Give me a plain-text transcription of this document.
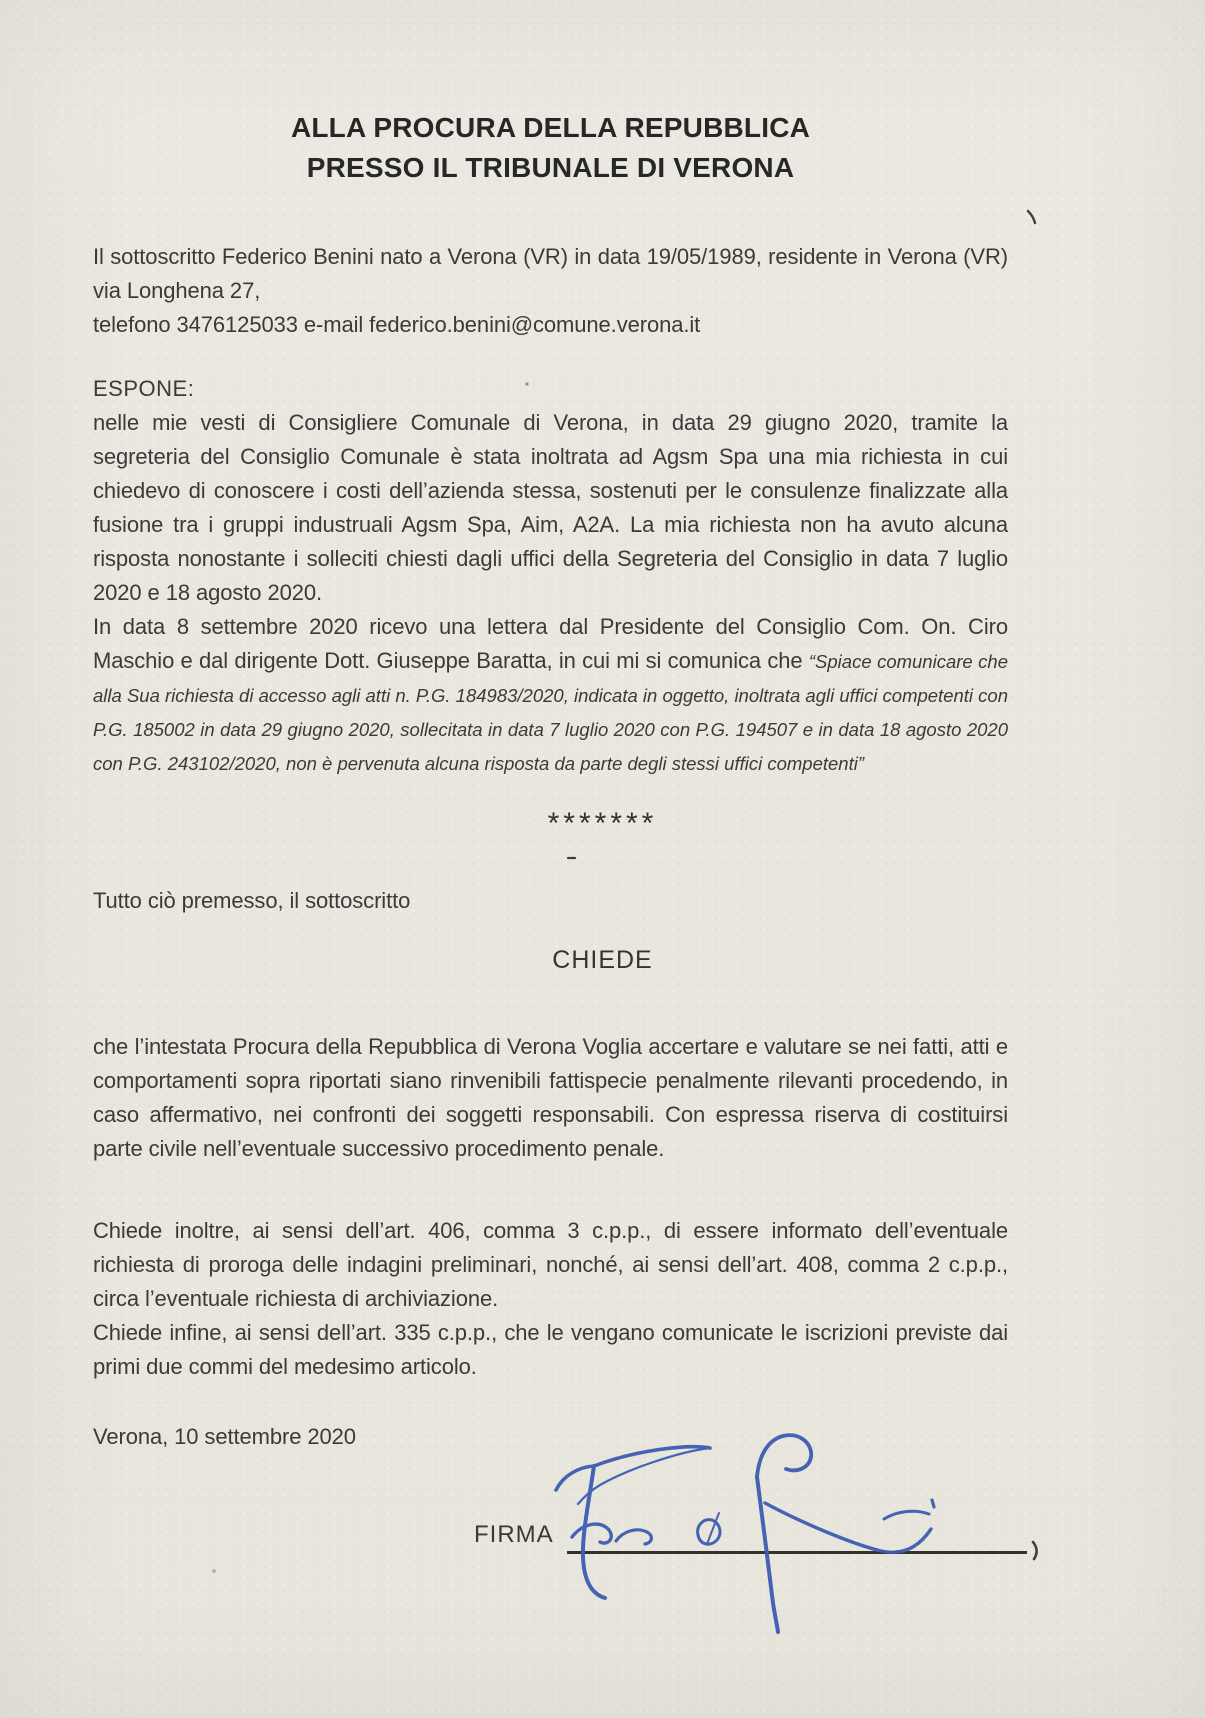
ALLA PROCURA DELLA REPUBBLICA
PRESSO IL TRIBUNALE DI VERONA

Il sottoscritto Federico Benini nato a Verona (VR) in data 19/05/1989, residente in Verona (VR) via Longhena 27,
telefono 3476125033 e-mail federico.benini@comune.verona.it

ESPONE:

nelle mie vesti di Consigliere Comunale di Verona, in data 29 giugno 2020, tramite la segreteria del Consiglio Comunale è stata inoltrata ad Agsm Spa una mia richiesta in cui chiedevo di conoscere i costi dell’azienda stessa, sostenuti per le consulenze finalizzate alla fusione tra i gruppi industruali Agsm Spa, Aim, A2A. La mia richiesta non ha avuto alcuna risposta nonostante i solleciti chiesti dagli uffici della Segreteria del Consiglio in data 7 luglio 2020 e 18 agosto 2020.

In data 8 settembre 2020 ricevo una lettera dal Presidente del Consiglio Com. On. Ciro Maschio e dal dirigente Dott. Giuseppe Baratta, in cui mi si comunica che “Spiace comunicare che alla Sua richiesta di accesso agli atti n. P.G. 184983/2020, indicata in oggetto, inoltrata agli uffici competenti con P.G. 185002 in data 29 giugno 2020, sollecitata in data 7 luglio 2020 con P.G. 194507 e in data 18 agosto 2020 con P.G. 243102/2020, non è pervenuta alcuna risposta da parte degli stessi uffici competenti”

*******

Tutto ciò premesso, il sottoscritto

CHIEDE

che l’intestata Procura della Repubblica di Verona Voglia accertare e valutare se nei fatti, atti e comportamenti sopra riportati siano rinvenibili fattispecie penalmente rilevanti procedendo, in caso affermativo, nei confronti dei soggetti responsabili. Con espressa riserva di costituirsi parte civile nell’eventuale successivo procedimento penale.

Chiede inoltre, ai sensi dell’art. 406, comma 3 c.p.p., di essere informato dell’eventuale richiesta di proroga delle indagini preliminari, nonché, ai sensi dell’art. 408, comma 2 c.p.p., circa l’eventuale richiesta di archiviazione.

Chiede infine, ai sensi dell’art. 335 c.p.p., che le vengano comunicate le iscrizioni previste dai primi due commi del medesimo articolo.

Verona, 10 settembre 2020

FIRMA
